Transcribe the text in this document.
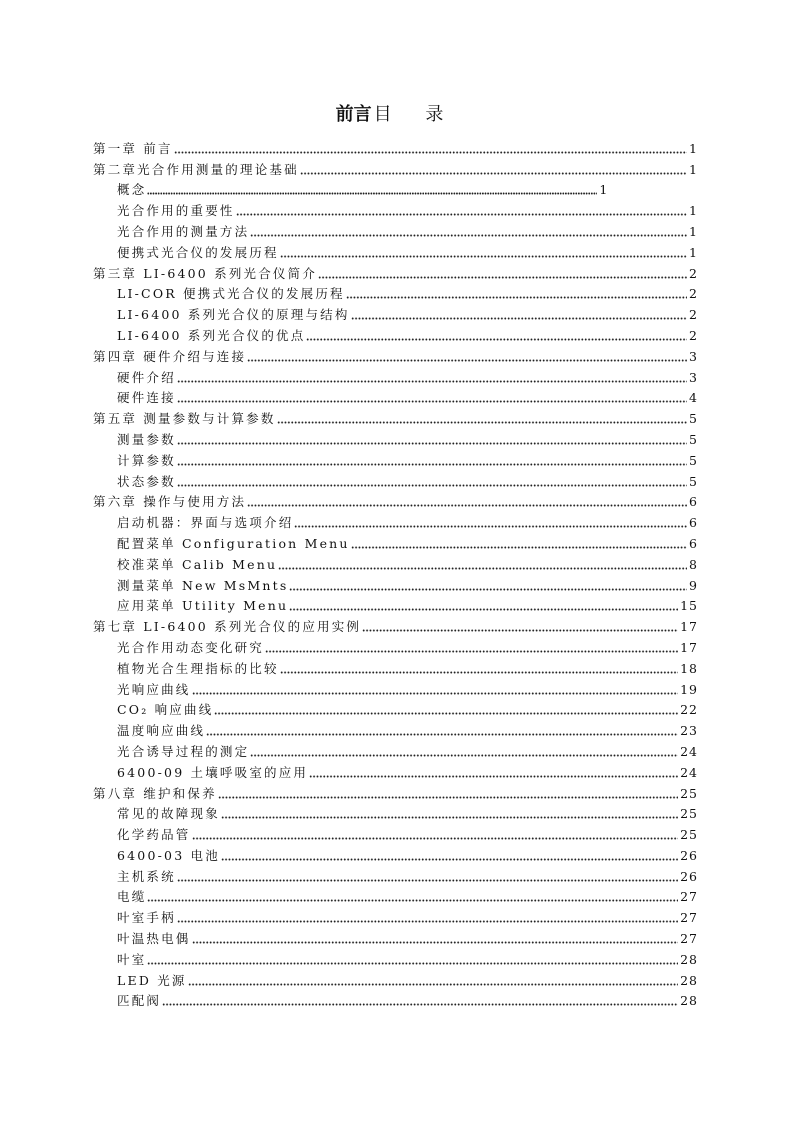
前言 目 录
第一章 前言	1
第二章光合作用测量的理论基础	1
概念	1
光合作用的重要性	1
光合作用的测量方法	1
便携式光合仪的发展历程	1
第三章 LI-6400 系列光合仪简介	2
LI-COR 便携式光合仪的发展历程	2
LI-6400 系列光合仪的原理与结构	2
LI-6400 系列光合仪的优点	2
第四章 硬件介绍与连接	3
硬件介绍	3
硬件连接	4
第五章 测量参数与计算参数	5
测量参数	5
计算参数	5
状态参数	5
第六章 操作与使用方法	6
启动机器：界面与选项介绍	6
配置菜单 Configuration Menu	6
校准菜单 Calib Menu	8
测量菜单 New MsMnts	9
应用菜单 Utility Menu	15
第七章 LI-6400 系列光合仪的应用实例	17
光合作用动态变化研究	17
植物光合生理指标的比较	18
光响应曲线	19
CO₂ 响应曲线	22
温度响应曲线	23
光合诱导过程的测定	24
6400-09 土壤呼吸室的应用	24
第八章 维护和保养	25
常见的故障现象	25
化学药品管	25
6400-03 电池	26
主机系统	26
电缆	27
叶室手柄	27
叶温热电偶	27
叶室	28
LED 光源	28
匹配阀	28
